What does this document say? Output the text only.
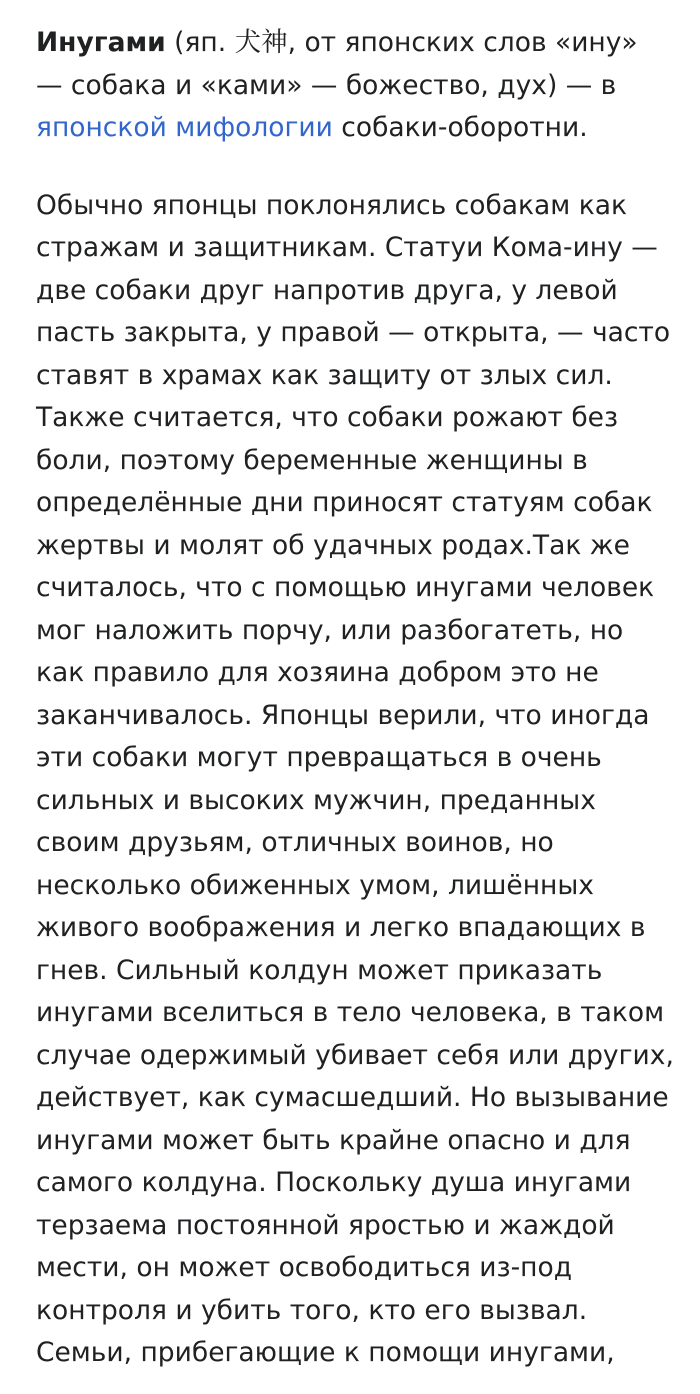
Инугами (яп. 犬神, от японских слов «ину»
— собака и «ками» — божество, дух) — в
японской мифологии собаки-оборотни.

Обычно японцы поклонялись собакам как
стражам и защитникам. Статуи Кома-ину —
две собаки друг напротив друга, у левой
пасть закрыта, у правой — открыта, — часто
ставят в храмах как защиту от злых сил.
Также считается, что собаки рожают без
боли, поэтому беременные женщины в
определённые дни приносят статуям собак
жертвы и молят об удачных родах.Так же
считалось, что с помощью инугами человек
мог наложить порчу, или разбогатеть, но
как правило для хозяина добром это не
заканчивалось. Японцы верили, что иногда
эти собаки могут превращаться в очень
сильных и высоких мужчин, преданных
своим друзьям, отличных воинов, но
несколько обиженных умом, лишённых
живого воображения и легко впадающих в
гнев. Сильный колдун может приказать
инугами вселиться в тело человека, в таком
случае одержимый убивает себя или других,
действует, как сумасшедший. Но вызывание
инугами может быть крайне опасно и для
самого колдуна. Поскольку душа инугами
терзаема постоянной яростью и жаждой
мести, он может освободиться из-под
контроля и убить того, кто его вызвал.
Семьи, прибегающие к помощи инугами,
